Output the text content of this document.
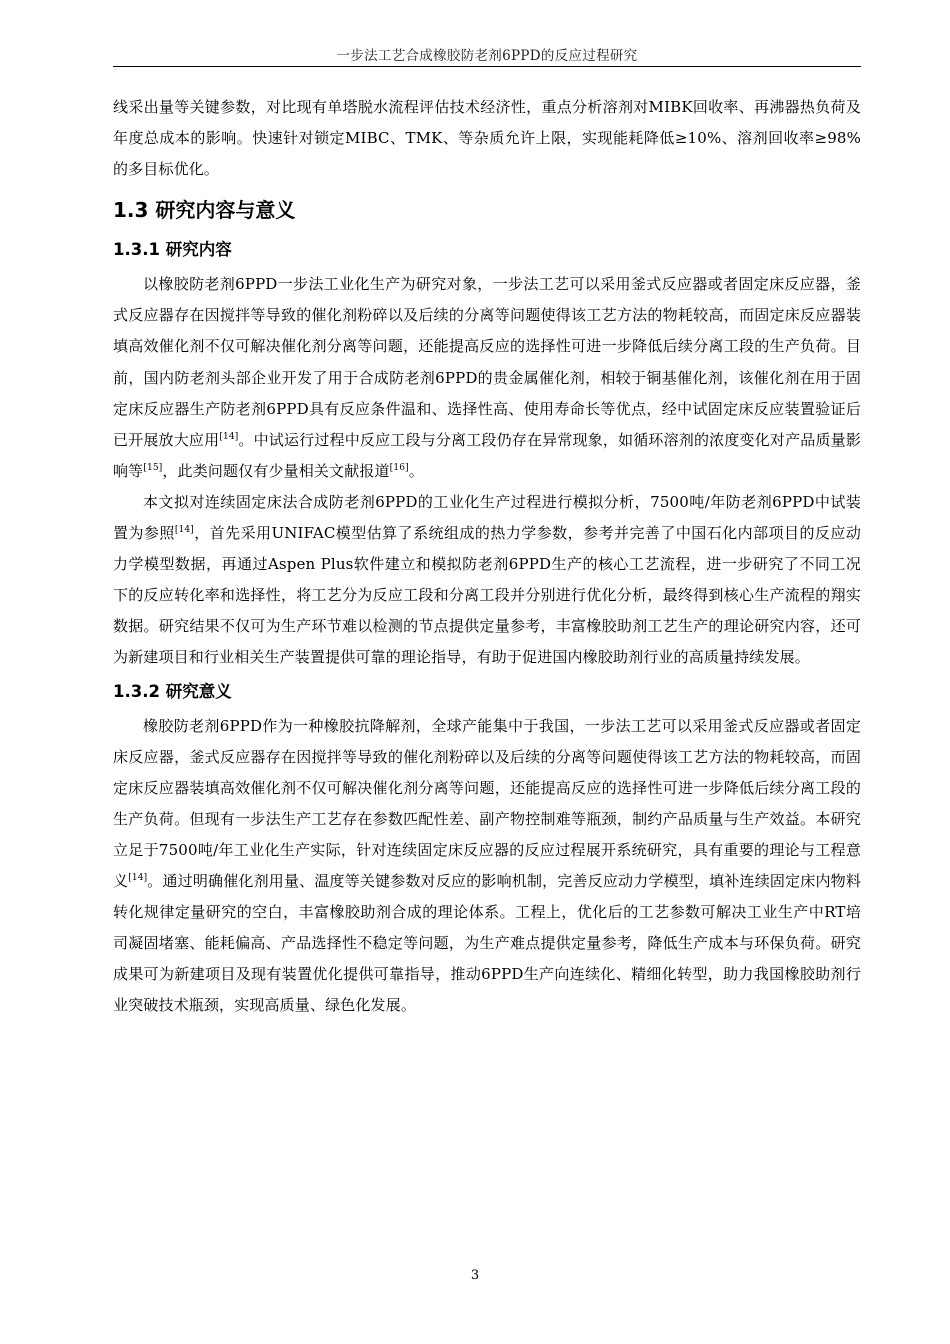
一步法工艺合成橡胶防老剂6PPD的反应过程研究

线采出量等关键参数，对比现有单塔脱水流程评估技术经济性，重点分析溶剂对MIBK回收率、再沸器热负荷及年度总成本的影响。快速针对锁定MIBC、TMK、等杂质允许上限，实现能耗降低≥10%、溶剂回收率≥98%的多目标优化。

1.3 研究内容与意义
1.3.1 研究内容

以橡胶防老剂6PPD一步法工业化生产为研究对象，一步法工艺可以采用釜式反应器或者固定床反应器，釜式反应器存在因搅拌等导致的催化剂粉碎以及后续的分离等问题使得该工艺方法的物耗较高，而固定床反应器装填高效催化剂不仅可解决催化剂分离等问题，还能提高反应的选择性可进一步降低后续分离工段的生产负荷。目前，国内防老剂头部企业开发了用于合成防老剂6PPD的贵金属催化剂，相较于铜基催化剂，该催化剂在用于固定床反应器生产防老剂6PPD具有反应条件温和、选择性高、使用寿命长等优点，经中试固定床反应装置验证后已开展放大应用[14]。中试运行过程中反应工段与分离工段仍存在异常现象，如循环溶剂的浓度变化对产品质量影响等[15]，此类问题仅有少量相关文献报道[16]。

本文拟对连续固定床法合成防老剂6PPD的工业化生产过程进行模拟分析，7500吨/年防老剂6PPD中试装置为参照[14]，首先采用UNIFAC模型估算了系统组成的热力学参数，参考并完善了中国石化内部项目的反应动力学模型数据，再通过Aspen Plus软件建立和模拟防老剂6PPD生产的核心工艺流程，进一步研究了不同工况下的反应转化率和选择性，将工艺分为反应工段和分离工段并分别进行优化分析，最终得到核心生产流程的翔实数据。研究结果不仅可为生产环节难以检测的节点提供定量参考，丰富橡胶助剂工艺生产的理论研究内容，还可为新建项目和行业相关生产装置提供可靠的理论指导，有助于促进国内橡胶助剂行业的高质量持续发展。

1.3.2 研究意义

橡胶防老剂6PPD作为一种橡胶抗降解剂，全球产能集中于我国，一步法工艺可以采用釜式反应器或者固定床反应器，釜式反应器存在因搅拌等导致的催化剂粉碎以及后续的分离等问题使得该工艺方法的物耗较高，而固定床反应器装填高效催化剂不仅可解决催化剂分离等问题，还能提高反应的选择性可进一步降低后续分离工段的生产负荷。但现有一步法生产工艺存在参数匹配性差、副产物控制难等瓶颈，制约产品质量与生产效益。本研究立足于7500吨/年工业化生产实际，针对连续固定床反应器的反应过程展开系统研究，具有重要的理论与工程意义[14]。通过明确催化剂用量、温度等关键参数对反应的影响机制，完善反应动力学模型，填补连续固定床内物料转化规律定量研究的空白，丰富橡胶助剂合成的理论体系。工程上，优化后的工艺参数可解决工业生产中RT培司凝固堵塞、能耗偏高、产品选择性不稳定等问题，为生产难点提供定量参考，降低生产成本与环保负荷。研究成果可为新建项目及现有装置优化提供可靠指导，推动6PPD生产向连续化、精细化转型，助力我国橡胶助剂行业突破技术瓶颈，实现高质量、绿色化发展。

3
